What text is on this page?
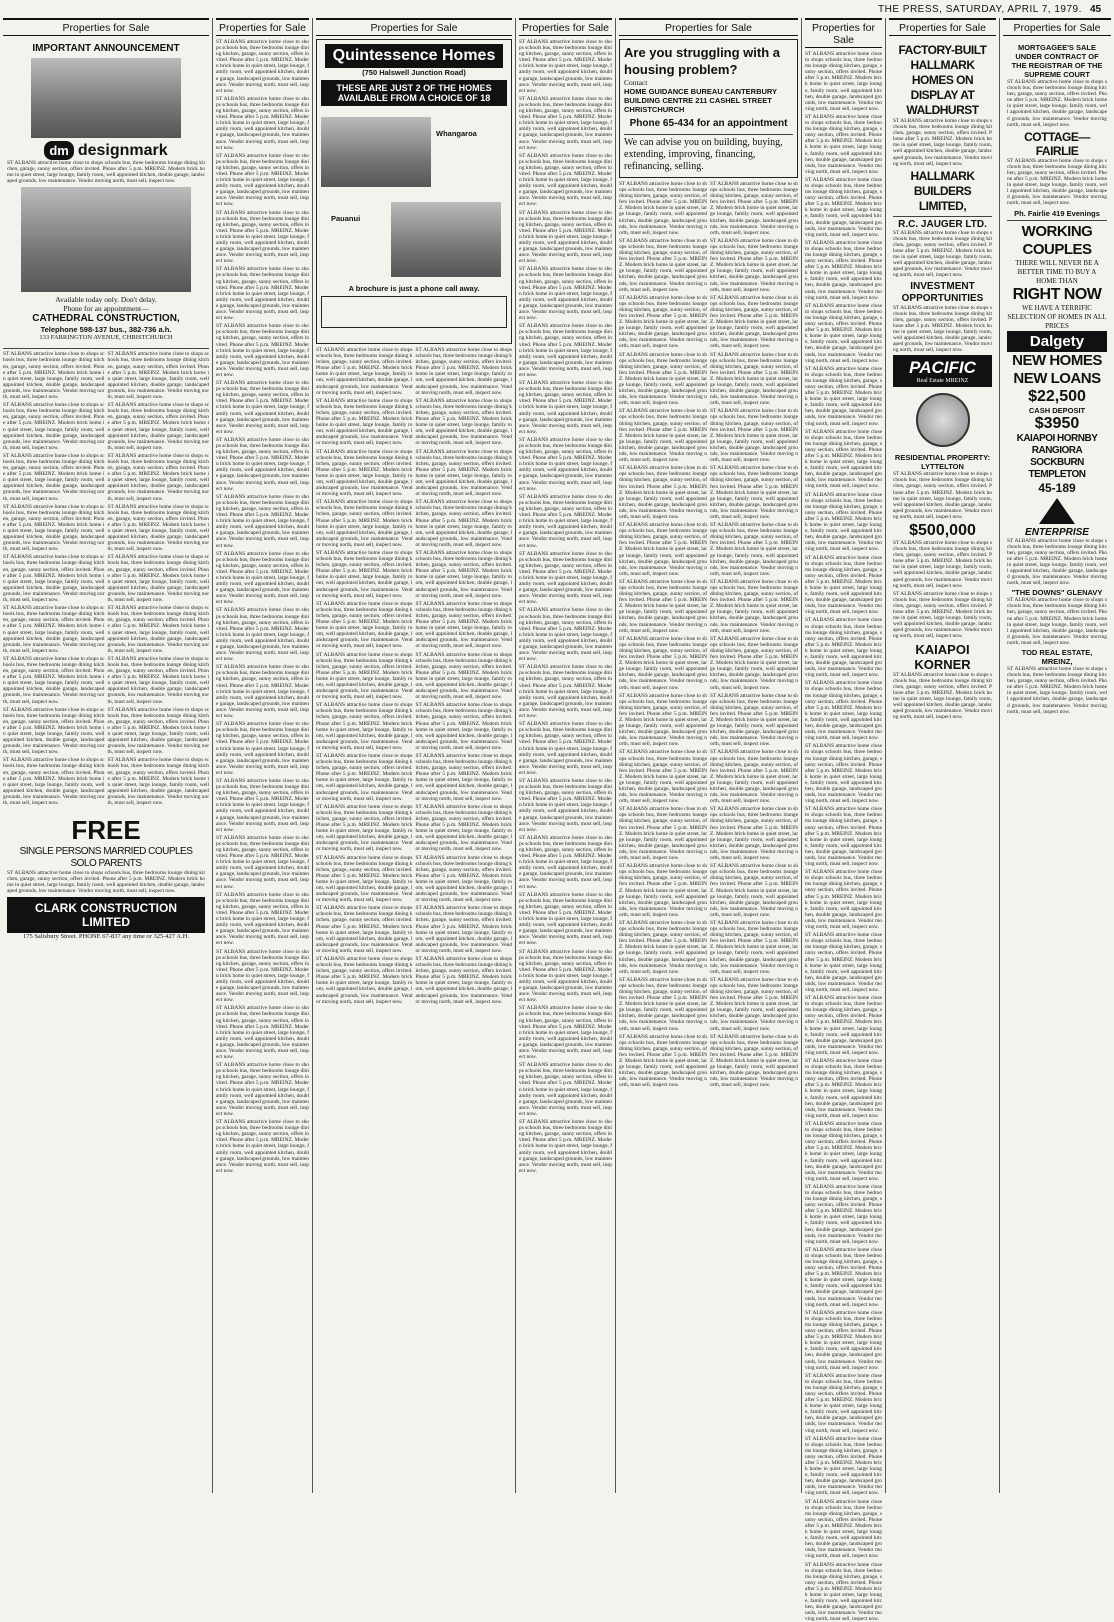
THE PRESS, SATURDAY, APRIL 7, 1979. 45
Properties for Sale
IMPORTANT ANNOUNCEMENT
dm designmark

ST ALBANS attractive home close to shops schools bus, three bedrooms lounge dining kitchen, garage, sunny section, offers invited. Phone after 5 p.m. MREINZ. Modern brick home in quiet street, large lounge, family room, well appointed kitchen, double garage, landscaped grounds, low maintenance. Vendor moving north, must sell, inspect now.

Available today only. Don't delay.
Phone for an appointment—
CATHEDRAL CONSTRUCTION,
Telephone 598-137 bus., 382-736 a.h.
133 FARRINGTON AVENUE, CHRISTCHURCH

ST ALBANS attractive home close to shops schools bus, three bedrooms lounge dining kitchen, garage, sunny section, offers invited. Phone after 5 p.m. MREINZ. Modern brick home in quiet street, large lounge, family room, well appointed kitchen, double garage, landscaped grounds, low maintenance. Vendor moving north, must sell, inspect now.

ST ALBANS attractive home close to shops schools bus, three bedrooms lounge dining kitchen, garage, sunny section, offers invited. Phone after 5 p.m. MREINZ. Modern brick home in quiet street, large lounge, family room, well appointed kitchen, double garage, landscaped grounds, low maintenance. Vendor moving north, must sell, inspect now.

ST ALBANS attractive home close to shops schools bus, three bedrooms lounge dining kitchen, garage, sunny section, offers invited. Phone after 5 p.m. MREINZ. Modern brick home in quiet street, large lounge, family room, well appointed kitchen, double garage, landscaped grounds, low maintenance. Vendor moving north, must sell, inspect now.

ST ALBANS attractive home close to shops schools bus, three bedrooms lounge dining kitchen, garage, sunny section, offers invited. Phone after 5 p.m. MREINZ. Modern brick home in quiet street, large lounge, family room, well appointed kitchen, double garage, landscaped grounds, low maintenance. Vendor moving north, must sell, inspect now.

ST ALBANS attractive home close to shops schools bus, three bedrooms lounge dining kitchen, garage, sunny section, offers invited. Phone after 5 p.m. MREINZ. Modern brick home in quiet street, large lounge, family room, well appointed kitchen, double garage, landscaped grounds, low maintenance. Vendor moving north, must sell, inspect now.

ST ALBANS attractive home close to shops schools bus, three bedrooms lounge dining kitchen, garage, sunny section, offers invited. Phone after 5 p.m. MREINZ. Modern brick home in quiet street, large lounge, family room, well appointed kitchen, double garage, landscaped grounds, low maintenance. Vendor moving north, must sell, inspect now.

ST ALBANS attractive home close to shops schools bus, three bedrooms lounge dining kitchen, garage, sunny section, offers invited. Phone after 5 p.m. MREINZ. Modern brick home in quiet street, large lounge, family room, well appointed kitchen, double garage, landscaped grounds, low maintenance. Vendor moving north, must sell, inspect now.

ST ALBANS attractive home close to shops schools bus, three bedrooms lounge dining kitchen, garage, sunny section, offers invited. Phone after 5 p.m. MREINZ. Modern brick home in quiet street, large lounge, family room, well appointed kitchen, double garage, landscaped grounds, low maintenance. Vendor moving north, must sell, inspect now.

ST ALBANS attractive home close to shops schools bus, three bedrooms lounge dining kitchen, garage, sunny section, offers invited. Phone after 5 p.m. MREINZ. Modern brick home in quiet street, large lounge, family room, well appointed kitchen, double garage, landscaped grounds, low maintenance. Vendor moving north, must sell, inspect now.

ST ALBANS attractive home close to shops schools bus, three bedrooms lounge dining kitchen, garage, sunny section, offers invited. Phone after 5 p.m. MREINZ. Modern brick home in quiet street, large lounge, family room, well appointed kitchen, double garage, landscaped grounds, low maintenance. Vendor moving north, must sell, inspect now.

ST ALBANS attractive home close to shops schools bus, three bedrooms lounge dining kitchen, garage, sunny section, offers invited. Phone after 5 p.m. MREINZ. Modern brick home in quiet street, large lounge, family room, well appointed kitchen, double garage, landscaped grounds, low maintenance. Vendor moving north, must sell, inspect now.

ST ALBANS attractive home close to shops schools bus, three bedrooms lounge dining kitchen, garage, sunny section, offers invited. Phone after 5 p.m. MREINZ. Modern brick home in quiet street, large lounge, family room, well appointed kitchen, double garage, landscaped grounds, low maintenance. Vendor moving north, must sell, inspect now.

ST ALBANS attractive home close to shops schools bus, three bedrooms lounge dining kitchen, garage, sunny section, offers invited. Phone after 5 p.m. MREINZ. Modern brick home in quiet street, large lounge, family room, well appointed kitchen, double garage, landscaped grounds, low maintenance. Vendor moving north, must sell, inspect now.

ST ALBANS attractive home close to shops schools bus, three bedrooms lounge dining kitchen, garage, sunny section, offers invited. Phone after 5 p.m. MREINZ. Modern brick home in quiet street, large lounge, family room, well appointed kitchen, double garage, landscaped grounds, low maintenance. Vendor moving north, must sell, inspect now.

ST ALBANS attractive home close to shops schools bus, three bedrooms lounge dining kitchen, garage, sunny section, offers invited. Phone after 5 p.m. MREINZ. Modern brick home in quiet street, large lounge, family room, well appointed kitchen, double garage, landscaped grounds, low maintenance. Vendor moving north, must sell, inspect now.

ST ALBANS attractive home close to shops schools bus, three bedrooms lounge dining kitchen, garage, sunny section, offers invited. Phone after 5 p.m. MREINZ. Modern brick home in quiet street, large lounge, family room, well appointed kitchen, double garage, landscaped grounds, low maintenance. Vendor moving north, must sell, inspect now.

ST ALBANS attractive home close to shops schools bus, three bedrooms lounge dining kitchen, garage, sunny section, offers invited. Phone after 5 p.m. MREINZ. Modern brick home in quiet street, large lounge, family room, well appointed kitchen, double garage, landscaped grounds, low maintenance. Vendor moving north, must sell, inspect now.

ST ALBANS attractive home close to shops schools bus, three bedrooms lounge dining kitchen, garage, sunny section, offers invited. Phone after 5 p.m. MREINZ. Modern brick home in quiet street, large lounge, family room, well appointed kitchen, double garage, landscaped grounds, low maintenance. Vendor moving north, must sell, inspect now.

FREE
SINGLE PERSONS MARRIED COUPLES SOLO PARENTS

ST ALBANS attractive home close to shops schools bus, three bedrooms lounge dining kitchen, garage, sunny section, offers invited. Phone after 5 p.m. MREINZ. Modern brick home in quiet street, large lounge, family room, well appointed kitchen, double garage, landscaped grounds, low maintenance. Vendor moving north, must sell, inspect now.

CLARK CONSTRUCTION LIMITED
175 Salisbury Street. PHONE 67-837 any time or 325-427 A.H.
Properties for Sale

ST ALBANS attractive home close to shops schools bus, three bedrooms lounge dining kitchen, garage, sunny section, offers invited. Phone after 5 p.m. MREINZ. Modern brick home in quiet street, large lounge, family room, well appointed kitchen, double garage, landscaped grounds, low maintenance. Vendor moving north, must sell, inspect now.

ST ALBANS attractive home close to shops schools bus, three bedrooms lounge dining kitchen, garage, sunny section, offers invited. Phone after 5 p.m. MREINZ. Modern brick home in quiet street, large lounge, family room, well appointed kitchen, double garage, landscaped grounds, low maintenance. Vendor moving north, must sell, inspect now.

ST ALBANS attractive home close to shops schools bus, three bedrooms lounge dining kitchen, garage, sunny section, offers invited. Phone after 5 p.m. MREINZ. Modern brick home in quiet street, large lounge, family room, well appointed kitchen, double garage, landscaped grounds, low maintenance. Vendor moving north, must sell, inspect now.

ST ALBANS attractive home close to shops schools bus, three bedrooms lounge dining kitchen, garage, sunny section, offers invited. Phone after 5 p.m. MREINZ. Modern brick home in quiet street, large lounge, family room, well appointed kitchen, double garage, landscaped grounds, low maintenance. Vendor moving north, must sell, inspect now.

ST ALBANS attractive home close to shops schools bus, three bedrooms lounge dining kitchen, garage, sunny section, offers invited. Phone after 5 p.m. MREINZ. Modern brick home in quiet street, large lounge, family room, well appointed kitchen, double garage, landscaped grounds, low maintenance. Vendor moving north, must sell, inspect now.

ST ALBANS attractive home close to shops schools bus, three bedrooms lounge dining kitchen, garage, sunny section, offers invited. Phone after 5 p.m. MREINZ. Modern brick home in quiet street, large lounge, family room, well appointed kitchen, double garage, landscaped grounds, low maintenance. Vendor moving north, must sell, inspect now.

ST ALBANS attractive home close to shops schools bus, three bedrooms lounge dining kitchen, garage, sunny section, offers invited. Phone after 5 p.m. MREINZ. Modern brick home in quiet street, large lounge, family room, well appointed kitchen, double garage, landscaped grounds, low maintenance. Vendor moving north, must sell, inspect now.

ST ALBANS attractive home close to shops schools bus, three bedrooms lounge dining kitchen, garage, sunny section, offers invited. Phone after 5 p.m. MREINZ. Modern brick home in quiet street, large lounge, family room, well appointed kitchen, double garage, landscaped grounds, low maintenance. Vendor moving north, must sell, inspect now.

ST ALBANS attractive home close to shops schools bus, three bedrooms lounge dining kitchen, garage, sunny section, offers invited. Phone after 5 p.m. MREINZ. Modern brick home in quiet street, large lounge, family room, well appointed kitchen, double garage, landscaped grounds, low maintenance. Vendor moving north, must sell, inspect now.

ST ALBANS attractive home close to shops schools bus, three bedrooms lounge dining kitchen, garage, sunny section, offers invited. Phone after 5 p.m. MREINZ. Modern brick home in quiet street, large lounge, family room, well appointed kitchen, double garage, landscaped grounds, low maintenance. Vendor moving north, must sell, inspect now.

ST ALBANS attractive home close to shops schools bus, three bedrooms lounge dining kitchen, garage, sunny section, offers invited. Phone after 5 p.m. MREINZ. Modern brick home in quiet street, large lounge, family room, well appointed kitchen, double garage, landscaped grounds, low maintenance. Vendor moving north, must sell, inspect now.

ST ALBANS attractive home close to shops schools bus, three bedrooms lounge dining kitchen, garage, sunny section, offers invited. Phone after 5 p.m. MREINZ. Modern brick home in quiet street, large lounge, family room, well appointed kitchen, double garage, landscaped grounds, low maintenance. Vendor moving north, must sell, inspect now.

ST ALBANS attractive home close to shops schools bus, three bedrooms lounge dining kitchen, garage, sunny section, offers invited. Phone after 5 p.m. MREINZ. Modern brick home in quiet street, large lounge, family room, well appointed kitchen, double garage, landscaped grounds, low maintenance. Vendor moving north, must sell, inspect now.

ST ALBANS attractive home close to shops schools bus, three bedrooms lounge dining kitchen, garage, sunny section, offers invited. Phone after 5 p.m. MREINZ. Modern brick home in quiet street, large lounge, family room, well appointed kitchen, double garage, landscaped grounds, low maintenance. Vendor moving north, must sell, inspect now.

ST ALBANS attractive home close to shops schools bus, three bedrooms lounge dining kitchen, garage, sunny section, offers invited. Phone after 5 p.m. MREINZ. Modern brick home in quiet street, large lounge, family room, well appointed kitchen, double garage, landscaped grounds, low maintenance. Vendor moving north, must sell, inspect now.

ST ALBANS attractive home close to shops schools bus, three bedrooms lounge dining kitchen, garage, sunny section, offers invited. Phone after 5 p.m. MREINZ. Modern brick home in quiet street, large lounge, family room, well appointed kitchen, double garage, landscaped grounds, low maintenance. Vendor moving north, must sell, inspect now.

ST ALBANS attractive home close to shops schools bus, three bedrooms lounge dining kitchen, garage, sunny section, offers invited. Phone after 5 p.m. MREINZ. Modern brick home in quiet street, large lounge, family room, well appointed kitchen, double garage, landscaped grounds, low maintenance. Vendor moving north, must sell, inspect now.

ST ALBANS attractive home close to shops schools bus, three bedrooms lounge dining kitchen, garage, sunny section, offers invited. Phone after 5 p.m. MREINZ. Modern brick home in quiet street, large lounge, family room, well appointed kitchen, double garage, landscaped grounds, low maintenance. Vendor moving north, must sell, inspect now.

ST ALBANS attractive home close to shops schools bus, three bedrooms lounge dining kitchen, garage, sunny section, offers invited. Phone after 5 p.m. MREINZ. Modern brick home in quiet street, large lounge, family room, well appointed kitchen, double garage, landscaped grounds, low maintenance. Vendor moving north, must sell, inspect now.

ST ALBANS attractive home close to shops schools bus, three bedrooms lounge dining kitchen, garage, sunny section, offers invited. Phone after 5 p.m. MREINZ. Modern brick home in quiet street, large lounge, family room, well appointed kitchen, double garage, landscaped grounds, low maintenance. Vendor moving north, must sell, inspect now.

Properties for Sale
Quintessence Homes
(750 Halswell Junction Road)
THESE ARE JUST 2 OF THE HOMES AVAILABLE FROM A CHOICE OF 18
Whangaroa
Pauanui
A brochure is just a phone call away.

ST ALBANS attractive home close to shops schools bus, three bedrooms lounge dining kitchen, garage, sunny section, offers invited. Phone after 5 p.m. MREINZ. Modern brick home in quiet street, large lounge, family room, well appointed kitchen, double garage, landscaped grounds, low maintenance. Vendor moving north, must sell, inspect now.

ST ALBANS attractive home close to shops schools bus, three bedrooms lounge dining kitchen, garage, sunny section, offers invited. Phone after 5 p.m. MREINZ. Modern brick home in quiet street, large lounge, family room, well appointed kitchen, double garage, landscaped grounds, low maintenance. Vendor moving north, must sell, inspect now.

ST ALBANS attractive home close to shops schools bus, three bedrooms lounge dining kitchen, garage, sunny section, offers invited. Phone after 5 p.m. MREINZ. Modern brick home in quiet street, large lounge, family room, well appointed kitchen, double garage, landscaped grounds, low maintenance. Vendor moving north, must sell, inspect now.

ST ALBANS attractive home close to shops schools bus, three bedrooms lounge dining kitchen, garage, sunny section, offers invited. Phone after 5 p.m. MREINZ. Modern brick home in quiet street, large lounge, family room, well appointed kitchen, double garage, landscaped grounds, low maintenance. Vendor moving north, must sell, inspect now.

ST ALBANS attractive home close to shops schools bus, three bedrooms lounge dining kitchen, garage, sunny section, offers invited. Phone after 5 p.m. MREINZ. Modern brick home in quiet street, large lounge, family room, well appointed kitchen, double garage, landscaped grounds, low maintenance. Vendor moving north, must sell, inspect now.

ST ALBANS attractive home close to shops schools bus, three bedrooms lounge dining kitchen, garage, sunny section, offers invited. Phone after 5 p.m. MREINZ. Modern brick home in quiet street, large lounge, family room, well appointed kitchen, double garage, landscaped grounds, low maintenance. Vendor moving north, must sell, inspect now.

ST ALBANS attractive home close to shops schools bus, three bedrooms lounge dining kitchen, garage, sunny section, offers invited. Phone after 5 p.m. MREINZ. Modern brick home in quiet street, large lounge, family room, well appointed kitchen, double garage, landscaped grounds, low maintenance. Vendor moving north, must sell, inspect now.

ST ALBANS attractive home close to shops schools bus, three bedrooms lounge dining kitchen, garage, sunny section, offers invited. Phone after 5 p.m. MREINZ. Modern brick home in quiet street, large lounge, family room, well appointed kitchen, double garage, landscaped grounds, low maintenance. Vendor moving north, must sell, inspect now.

ST ALBANS attractive home close to shops schools bus, three bedrooms lounge dining kitchen, garage, sunny section, offers invited. Phone after 5 p.m. MREINZ. Modern brick home in quiet street, large lounge, family room, well appointed kitchen, double garage, landscaped grounds, low maintenance. Vendor moving north, must sell, inspect now.

ST ALBANS attractive home close to shops schools bus, three bedrooms lounge dining kitchen, garage, sunny section, offers invited. Phone after 5 p.m. MREINZ. Modern brick home in quiet street, large lounge, family room, well appointed kitchen, double garage, landscaped grounds, low maintenance. Vendor moving north, must sell, inspect now.

ST ALBANS attractive home close to shops schools bus, three bedrooms lounge dining kitchen, garage, sunny section, offers invited. Phone after 5 p.m. MREINZ. Modern brick home in quiet street, large lounge, family room, well appointed kitchen, double garage, landscaped grounds, low maintenance. Vendor moving north, must sell, inspect now.

ST ALBANS attractive home close to shops schools bus, three bedrooms lounge dining kitchen, garage, sunny section, offers invited. Phone after 5 p.m. MREINZ. Modern brick home in quiet street, large lounge, family room, well appointed kitchen, double garage, landscaped grounds, low maintenance. Vendor moving north, must sell, inspect now.

ST ALBANS attractive home close to shops schools bus, three bedrooms lounge dining kitchen, garage, sunny section, offers invited. Phone after 5 p.m. MREINZ. Modern brick home in quiet street, large lounge, family room, well appointed kitchen, double garage, landscaped grounds, low maintenance. Vendor moving north, must sell, inspect now.

ST ALBANS attractive home close to shops schools bus, three bedrooms lounge dining kitchen, garage, sunny section, offers invited. Phone after 5 p.m. MREINZ. Modern brick home in quiet street, large lounge, family room, well appointed kitchen, double garage, landscaped grounds, low maintenance. Vendor moving north, must sell, inspect now.

ST ALBANS attractive home close to shops schools bus, three bedrooms lounge dining kitchen, garage, sunny section, offers invited. Phone after 5 p.m. MREINZ. Modern brick home in quiet street, large lounge, family room, well appointed kitchen, double garage, landscaped grounds, low maintenance. Vendor moving north, must sell, inspect now.

ST ALBANS attractive home close to shops schools bus, three bedrooms lounge dining kitchen, garage, sunny section, offers invited. Phone after 5 p.m. MREINZ. Modern brick home in quiet street, large lounge, family room, well appointed kitchen, double garage, landscaped grounds, low maintenance. Vendor moving north, must sell, inspect now.

ST ALBANS attractive home close to shops schools bus, three bedrooms lounge dining kitchen, garage, sunny section, offers invited. Phone after 5 p.m. MREINZ. Modern brick home in quiet street, large lounge, family room, well appointed kitchen, double garage, landscaped grounds, low maintenance. Vendor moving north, must sell, inspect now.

ST ALBANS attractive home close to shops schools bus, three bedrooms lounge dining kitchen, garage, sunny section, offers invited. Phone after 5 p.m. MREINZ. Modern brick home in quiet street, large lounge, family room, well appointed kitchen, double garage, landscaped grounds, low maintenance. Vendor moving north, must sell, inspect now.

ST ALBANS attractive home close to shops schools bus, three bedrooms lounge dining kitchen, garage, sunny section, offers invited. Phone after 5 p.m. MREINZ. Modern brick home in quiet street, large lounge, family room, well appointed kitchen, double garage, landscaped grounds, low maintenance. Vendor moving north, must sell, inspect now.

ST ALBANS attractive home close to shops schools bus, three bedrooms lounge dining kitchen, garage, sunny section, offers invited. Phone after 5 p.m. MREINZ. Modern brick home in quiet street, large lounge, family room, well appointed kitchen, double garage, landscaped grounds, low maintenance. Vendor moving north, must sell, inspect now.

ST ALBANS attractive home close to shops schools bus, three bedrooms lounge dining kitchen, garage, sunny section, offers invited. Phone after 5 p.m. MREINZ. Modern brick home in quiet street, large lounge, family room, well appointed kitchen, double garage, landscaped grounds, low maintenance. Vendor moving north, must sell, inspect now.

ST ALBANS attractive home close to shops schools bus, three bedrooms lounge dining kitchen, garage, sunny section, offers invited. Phone after 5 p.m. MREINZ. Modern brick home in quiet street, large lounge, family room, well appointed kitchen, double garage, landscaped grounds, low maintenance. Vendor moving north, must sell, inspect now.

ST ALBANS attractive home close to shops schools bus, three bedrooms lounge dining kitchen, garage, sunny section, offers invited. Phone after 5 p.m. MREINZ. Modern brick home in quiet street, large lounge, family room, well appointed kitchen, double garage, landscaped grounds, low maintenance. Vendor moving north, must sell, inspect now.

ST ALBANS attractive home close to shops schools bus, three bedrooms lounge dining kitchen, garage, sunny section, offers invited. Phone after 5 p.m. MREINZ. Modern brick home in quiet street, large lounge, family room, well appointed kitchen, double garage, landscaped grounds, low maintenance. Vendor moving north, must sell, inspect now.

ST ALBANS attractive home close to shops schools bus, three bedrooms lounge dining kitchen, garage, sunny section, offers invited. Phone after 5 p.m. MREINZ. Modern brick home in quiet street, large lounge, family room, well appointed kitchen, double garage, landscaped grounds, low maintenance. Vendor moving north, must sell, inspect now.

ST ALBANS attractive home close to shops schools bus, three bedrooms lounge dining kitchen, garage, sunny section, offers invited. Phone after 5 p.m. MREINZ. Modern brick home in quiet street, large lounge, family room, well appointed kitchen, double garage, landscaped grounds, low maintenance. Vendor moving north, must sell, inspect now.

Properties for Sale

ST ALBANS attractive home close to shops schools bus, three bedrooms lounge dining kitchen, garage, sunny section, offers invited. Phone after 5 p.m. MREINZ. Modern brick home in quiet street, large lounge, family room, well appointed kitchen, double garage, landscaped grounds, low maintenance. Vendor moving north, must sell, inspect now.

ST ALBANS attractive home close to shops schools bus, three bedrooms lounge dining kitchen, garage, sunny section, offers invited. Phone after 5 p.m. MREINZ. Modern brick home in quiet street, large lounge, family room, well appointed kitchen, double garage, landscaped grounds, low maintenance. Vendor moving north, must sell, inspect now.

ST ALBANS attractive home close to shops schools bus, three bedrooms lounge dining kitchen, garage, sunny section, offers invited. Phone after 5 p.m. MREINZ. Modern brick home in quiet street, large lounge, family room, well appointed kitchen, double garage, landscaped grounds, low maintenance. Vendor moving north, must sell, inspect now.

ST ALBANS attractive home close to shops schools bus, three bedrooms lounge dining kitchen, garage, sunny section, offers invited. Phone after 5 p.m. MREINZ. Modern brick home in quiet street, large lounge, family room, well appointed kitchen, double garage, landscaped grounds, low maintenance. Vendor moving north, must sell, inspect now.

ST ALBANS attractive home close to shops schools bus, three bedrooms lounge dining kitchen, garage, sunny section, offers invited. Phone after 5 p.m. MREINZ. Modern brick home in quiet street, large lounge, family room, well appointed kitchen, double garage, landscaped grounds, low maintenance. Vendor moving north, must sell, inspect now.

ST ALBANS attractive home close to shops schools bus, three bedrooms lounge dining kitchen, garage, sunny section, offers invited. Phone after 5 p.m. MREINZ. Modern brick home in quiet street, large lounge, family room, well appointed kitchen, double garage, landscaped grounds, low maintenance. Vendor moving north, must sell, inspect now.

ST ALBANS attractive home close to shops schools bus, three bedrooms lounge dining kitchen, garage, sunny section, offers invited. Phone after 5 p.m. MREINZ. Modern brick home in quiet street, large lounge, family room, well appointed kitchen, double garage, landscaped grounds, low maintenance. Vendor moving north, must sell, inspect now.

ST ALBANS attractive home close to shops schools bus, three bedrooms lounge dining kitchen, garage, sunny section, offers invited. Phone after 5 p.m. MREINZ. Modern brick home in quiet street, large lounge, family room, well appointed kitchen, double garage, landscaped grounds, low maintenance. Vendor moving north, must sell, inspect now.

ST ALBANS attractive home close to shops schools bus, three bedrooms lounge dining kitchen, garage, sunny section, offers invited. Phone after 5 p.m. MREINZ. Modern brick home in quiet street, large lounge, family room, well appointed kitchen, double garage, landscaped grounds, low maintenance. Vendor moving north, must sell, inspect now.

ST ALBANS attractive home close to shops schools bus, three bedrooms lounge dining kitchen, garage, sunny section, offers invited. Phone after 5 p.m. MREINZ. Modern brick home in quiet street, large lounge, family room, well appointed kitchen, double garage, landscaped grounds, low maintenance. Vendor moving north, must sell, inspect now.

ST ALBANS attractive home close to shops schools bus, three bedrooms lounge dining kitchen, garage, sunny section, offers invited. Phone after 5 p.m. MREINZ. Modern brick home in quiet street, large lounge, family room, well appointed kitchen, double garage, landscaped grounds, low maintenance. Vendor moving north, must sell, inspect now.

ST ALBANS attractive home close to shops schools bus, three bedrooms lounge dining kitchen, garage, sunny section, offers invited. Phone after 5 p.m. MREINZ. Modern brick home in quiet street, large lounge, family room, well appointed kitchen, double garage, landscaped grounds, low maintenance. Vendor moving north, must sell, inspect now.

ST ALBANS attractive home close to shops schools bus, three bedrooms lounge dining kitchen, garage, sunny section, offers invited. Phone after 5 p.m. MREINZ. Modern brick home in quiet street, large lounge, family room, well appointed kitchen, double garage, landscaped grounds, low maintenance. Vendor moving north, must sell, inspect now.

ST ALBANS attractive home close to shops schools bus, three bedrooms lounge dining kitchen, garage, sunny section, offers invited. Phone after 5 p.m. MREINZ. Modern brick home in quiet street, large lounge, family room, well appointed kitchen, double garage, landscaped grounds, low maintenance. Vendor moving north, must sell, inspect now.

ST ALBANS attractive home close to shops schools bus, three bedrooms lounge dining kitchen, garage, sunny section, offers invited. Phone after 5 p.m. MREINZ. Modern brick home in quiet street, large lounge, family room, well appointed kitchen, double garage, landscaped grounds, low maintenance. Vendor moving north, must sell, inspect now.

ST ALBANS attractive home close to shops schools bus, three bedrooms lounge dining kitchen, garage, sunny section, offers invited. Phone after 5 p.m. MREINZ. Modern brick home in quiet street, large lounge, family room, well appointed kitchen, double garage, landscaped grounds, low maintenance. Vendor moving north, must sell, inspect now.

ST ALBANS attractive home close to shops schools bus, three bedrooms lounge dining kitchen, garage, sunny section, offers invited. Phone after 5 p.m. MREINZ. Modern brick home in quiet street, large lounge, family room, well appointed kitchen, double garage, landscaped grounds, low maintenance. Vendor moving north, must sell, inspect now.

ST ALBANS attractive home close to shops schools bus, three bedrooms lounge dining kitchen, garage, sunny section, offers invited. Phone after 5 p.m. MREINZ. Modern brick home in quiet street, large lounge, family room, well appointed kitchen, double garage, landscaped grounds, low maintenance. Vendor moving north, must sell, inspect now.

ST ALBANS attractive home close to shops schools bus, three bedrooms lounge dining kitchen, garage, sunny section, offers invited. Phone after 5 p.m. MREINZ. Modern brick home in quiet street, large lounge, family room, well appointed kitchen, double garage, landscaped grounds, low maintenance. Vendor moving north, must sell, inspect now.

ST ALBANS attractive home close to shops schools bus, three bedrooms lounge dining kitchen, garage, sunny section, offers invited. Phone after 5 p.m. MREINZ. Modern brick home in quiet street, large lounge, family room, well appointed kitchen, double garage, landscaped grounds, low maintenance. Vendor moving north, must sell, inspect now.

Properties for Sale
Are you struggling with a housing problem?
Contact
HOME GUIDANCE BUREAU CANTERBURY BUILDING CENTRE 211 CASHEL STREET CHRISTCHURCH
Phone 65-434 for an appointment
We can advise you on building, buying, extending, improving, financing, refinancing, selling.

ST ALBANS attractive home close to shops schools bus, three bedrooms lounge dining kitchen, garage, sunny section, offers invited. Phone after 5 p.m. MREINZ. Modern brick home in quiet street, large lounge, family room, well appointed kitchen, double garage, landscaped grounds, low maintenance. Vendor moving north, must sell, inspect now.

ST ALBANS attractive home close to shops schools bus, three bedrooms lounge dining kitchen, garage, sunny section, offers invited. Phone after 5 p.m. MREINZ. Modern brick home in quiet street, large lounge, family room, well appointed kitchen, double garage, landscaped grounds, low maintenance. Vendor moving north, must sell, inspect now.

ST ALBANS attractive home close to shops schools bus, three bedrooms lounge dining kitchen, garage, sunny section, offers invited. Phone after 5 p.m. MREINZ. Modern brick home in quiet street, large lounge, family room, well appointed kitchen, double garage, landscaped grounds, low maintenance. Vendor moving north, must sell, inspect now.

ST ALBANS attractive home close to shops schools bus, three bedrooms lounge dining kitchen, garage, sunny section, offers invited. Phone after 5 p.m. MREINZ. Modern brick home in quiet street, large lounge, family room, well appointed kitchen, double garage, landscaped grounds, low maintenance. Vendor moving north, must sell, inspect now.

ST ALBANS attractive home close to shops schools bus, three bedrooms lounge dining kitchen, garage, sunny section, offers invited. Phone after 5 p.m. MREINZ. Modern brick home in quiet street, large lounge, family room, well appointed kitchen, double garage, landscaped grounds, low maintenance. Vendor moving north, must sell, inspect now.

ST ALBANS attractive home close to shops schools bus, three bedrooms lounge dining kitchen, garage, sunny section, offers invited. Phone after 5 p.m. MREINZ. Modern brick home in quiet street, large lounge, family room, well appointed kitchen, double garage, landscaped grounds, low maintenance. Vendor moving north, must sell, inspect now.

ST ALBANS attractive home close to shops schools bus, three bedrooms lounge dining kitchen, garage, sunny section, offers invited. Phone after 5 p.m. MREINZ. Modern brick home in quiet street, large lounge, family room, well appointed kitchen, double garage, landscaped grounds, low maintenance. Vendor moving north, must sell, inspect now.

ST ALBANS attractive home close to shops schools bus, three bedrooms lounge dining kitchen, garage, sunny section, offers invited. Phone after 5 p.m. MREINZ. Modern brick home in quiet street, large lounge, family room, well appointed kitchen, double garage, landscaped grounds, low maintenance. Vendor moving north, must sell, inspect now.

ST ALBANS attractive home close to shops schools bus, three bedrooms lounge dining kitchen, garage, sunny section, offers invited. Phone after 5 p.m. MREINZ. Modern brick home in quiet street, large lounge, family room, well appointed kitchen, double garage, landscaped grounds, low maintenance. Vendor moving north, must sell, inspect now.

ST ALBANS attractive home close to shops schools bus, three bedrooms lounge dining kitchen, garage, sunny section, offers invited. Phone after 5 p.m. MREINZ. Modern brick home in quiet street, large lounge, family room, well appointed kitchen, double garage, landscaped grounds, low maintenance. Vendor moving north, must sell, inspect now.

ST ALBANS attractive home close to shops schools bus, three bedrooms lounge dining kitchen, garage, sunny section, offers invited. Phone after 5 p.m. MREINZ. Modern brick home in quiet street, large lounge, family room, well appointed kitchen, double garage, landscaped grounds, low maintenance. Vendor moving north, must sell, inspect now.

ST ALBANS attractive home close to shops schools bus, three bedrooms lounge dining kitchen, garage, sunny section, offers invited. Phone after 5 p.m. MREINZ. Modern brick home in quiet street, large lounge, family room, well appointed kitchen, double garage, landscaped grounds, low maintenance. Vendor moving north, must sell, inspect now.

ST ALBANS attractive home close to shops schools bus, three bedrooms lounge dining kitchen, garage, sunny section, offers invited. Phone after 5 p.m. MREINZ. Modern brick home in quiet street, large lounge, family room, well appointed kitchen, double garage, landscaped grounds, low maintenance. Vendor moving north, must sell, inspect now.

ST ALBANS attractive home close to shops schools bus, three bedrooms lounge dining kitchen, garage, sunny section, offers invited. Phone after 5 p.m. MREINZ. Modern brick home in quiet street, large lounge, family room, well appointed kitchen, double garage, landscaped grounds, low maintenance. Vendor moving north, must sell, inspect now.

ST ALBANS attractive home close to shops schools bus, three bedrooms lounge dining kitchen, garage, sunny section, offers invited. Phone after 5 p.m. MREINZ. Modern brick home in quiet street, large lounge, family room, well appointed kitchen, double garage, landscaped grounds, low maintenance. Vendor moving north, must sell, inspect now.

ST ALBANS attractive home close to shops schools bus, three bedrooms lounge dining kitchen, garage, sunny section, offers invited. Phone after 5 p.m. MREINZ. Modern brick home in quiet street, large lounge, family room, well appointed kitchen, double garage, landscaped grounds, low maintenance. Vendor moving north, must sell, inspect now.

ST ALBANS attractive home close to shops schools bus, three bedrooms lounge dining kitchen, garage, sunny section, offers invited. Phone after 5 p.m. MREINZ. Modern brick home in quiet street, large lounge, family room, well appointed kitchen, double garage, landscaped grounds, low maintenance. Vendor moving north, must sell, inspect now.

ST ALBANS attractive home close to shops schools bus, three bedrooms lounge dining kitchen, garage, sunny section, offers invited. Phone after 5 p.m. MREINZ. Modern brick home in quiet street, large lounge, family room, well appointed kitchen, double garage, landscaped grounds, low maintenance. Vendor moving north, must sell, inspect now.

ST ALBANS attractive home close to shops schools bus, three bedrooms lounge dining kitchen, garage, sunny section, offers invited. Phone after 5 p.m. MREINZ. Modern brick home in quiet street, large lounge, family room, well appointed kitchen, double garage, landscaped grounds, low maintenance. Vendor moving north, must sell, inspect now.

ST ALBANS attractive home close to shops schools bus, three bedrooms lounge dining kitchen, garage, sunny section, offers invited. Phone after 5 p.m. MREINZ. Modern brick home in quiet street, large lounge, family room, well appointed kitchen, double garage, landscaped grounds, low maintenance. Vendor moving north, must sell, inspect now.

ST ALBANS attractive home close to shops schools bus, three bedrooms lounge dining kitchen, garage, sunny section, offers invited. Phone after 5 p.m. MREINZ. Modern brick home in quiet street, large lounge, family room, well appointed kitchen, double garage, landscaped grounds, low maintenance. Vendor moving north, must sell, inspect now.

ST ALBANS attractive home close to shops schools bus, three bedrooms lounge dining kitchen, garage, sunny section, offers invited. Phone after 5 p.m. MREINZ. Modern brick home in quiet street, large lounge, family room, well appointed kitchen, double garage, landscaped grounds, low maintenance. Vendor moving north, must sell, inspect now.

ST ALBANS attractive home close to shops schools bus, three bedrooms lounge dining kitchen, garage, sunny section, offers invited. Phone after 5 p.m. MREINZ. Modern brick home in quiet street, large lounge, family room, well appointed kitchen, double garage, landscaped grounds, low maintenance. Vendor moving north, must sell, inspect now.

ST ALBANS attractive home close to shops schools bus, three bedrooms lounge dining kitchen, garage, sunny section, offers invited. Phone after 5 p.m. MREINZ. Modern brick home in quiet street, large lounge, family room, well appointed kitchen, double garage, landscaped grounds, low maintenance. Vendor moving north, must sell, inspect now.

ST ALBANS attractive home close to shops schools bus, three bedrooms lounge dining kitchen, garage, sunny section, offers invited. Phone after 5 p.m. MREINZ. Modern brick home in quiet street, large lounge, family room, well appointed kitchen, double garage, landscaped grounds, low maintenance. Vendor moving north, must sell, inspect now.

ST ALBANS attractive home close to shops schools bus, three bedrooms lounge dining kitchen, garage, sunny section, offers invited. Phone after 5 p.m. MREINZ. Modern brick home in quiet street, large lounge, family room, well appointed kitchen, double garage, landscaped grounds, low maintenance. Vendor moving north, must sell, inspect now.

ST ALBANS attractive home close to shops schools bus, three bedrooms lounge dining kitchen, garage, sunny section, offers invited. Phone after 5 p.m. MREINZ. Modern brick home in quiet street, large lounge, family room, well appointed kitchen, double garage, landscaped grounds, low maintenance. Vendor moving north, must sell, inspect now.

ST ALBANS attractive home close to shops schools bus, three bedrooms lounge dining kitchen, garage, sunny section, offers invited. Phone after 5 p.m. MREINZ. Modern brick home in quiet street, large lounge, family room, well appointed kitchen, double garage, landscaped grounds, low maintenance. Vendor moving north, must sell, inspect now.

ST ALBANS attractive home close to shops schools bus, three bedrooms lounge dining kitchen, garage, sunny section, offers invited. Phone after 5 p.m. MREINZ. Modern brick home in quiet street, large lounge, family room, well appointed kitchen, double garage, landscaped grounds, low maintenance. Vendor moving north, must sell, inspect now.

ST ALBANS attractive home close to shops schools bus, three bedrooms lounge dining kitchen, garage, sunny section, offers invited. Phone after 5 p.m. MREINZ. Modern brick home in quiet street, large lounge, family room, well appointed kitchen, double garage, landscaped grounds, low maintenance. Vendor moving north, must sell, inspect now.

ST ALBANS attractive home close to shops schools bus, three bedrooms lounge dining kitchen, garage, sunny section, offers invited. Phone after 5 p.m. MREINZ. Modern brick home in quiet street, large lounge, family room, well appointed kitchen, double garage, landscaped grounds, low maintenance. Vendor moving north, must sell, inspect now.

ST ALBANS attractive home close to shops schools bus, three bedrooms lounge dining kitchen, garage, sunny section, offers invited. Phone after 5 p.m. MREINZ. Modern brick home in quiet street, large lounge, family room, well appointed kitchen, double garage, landscaped grounds, low maintenance. Vendor moving north, must sell, inspect now.

Properties for Sale

ST ALBANS attractive home close to shops schools bus, three bedrooms lounge dining kitchen, garage, sunny section, offers invited. Phone after 5 p.m. MREINZ. Modern brick home in quiet street, large lounge, family room, well appointed kitchen, double garage, landscaped grounds, low maintenance. Vendor moving north, must sell, inspect now.

ST ALBANS attractive home close to shops schools bus, three bedrooms lounge dining kitchen, garage, sunny section, offers invited. Phone after 5 p.m. MREINZ. Modern brick home in quiet street, large lounge, family room, well appointed kitchen, double garage, landscaped grounds, low maintenance. Vendor moving north, must sell, inspect now.

ST ALBANS attractive home close to shops schools bus, three bedrooms lounge dining kitchen, garage, sunny section, offers invited. Phone after 5 p.m. MREINZ. Modern brick home in quiet street, large lounge, family room, well appointed kitchen, double garage, landscaped grounds, low maintenance. Vendor moving north, must sell, inspect now.

ST ALBANS attractive home close to shops schools bus, three bedrooms lounge dining kitchen, garage, sunny section, offers invited. Phone after 5 p.m. MREINZ. Modern brick home in quiet street, large lounge, family room, well appointed kitchen, double garage, landscaped grounds, low maintenance. Vendor moving north, must sell, inspect now.

ST ALBANS attractive home close to shops schools bus, three bedrooms lounge dining kitchen, garage, sunny section, offers invited. Phone after 5 p.m. MREINZ. Modern brick home in quiet street, large lounge, family room, well appointed kitchen, double garage, landscaped grounds, low maintenance. Vendor moving north, must sell, inspect now.

ST ALBANS attractive home close to shops schools bus, three bedrooms lounge dining kitchen, garage, sunny section, offers invited. Phone after 5 p.m. MREINZ. Modern brick home in quiet street, large lounge, family room, well appointed kitchen, double garage, landscaped grounds, low maintenance. Vendor moving north, must sell, inspect now.

ST ALBANS attractive home close to shops schools bus, three bedrooms lounge dining kitchen, garage, sunny section, offers invited. Phone after 5 p.m. MREINZ. Modern brick home in quiet street, large lounge, family room, well appointed kitchen, double garage, landscaped grounds, low maintenance. Vendor moving north, must sell, inspect now.

ST ALBANS attractive home close to shops schools bus, three bedrooms lounge dining kitchen, garage, sunny section, offers invited. Phone after 5 p.m. MREINZ. Modern brick home in quiet street, large lounge, family room, well appointed kitchen, double garage, landscaped grounds, low maintenance. Vendor moving north, must sell, inspect now.

ST ALBANS attractive home close to shops schools bus, three bedrooms lounge dining kitchen, garage, sunny section, offers invited. Phone after 5 p.m. MREINZ. Modern brick home in quiet street, large lounge, family room, well appointed kitchen, double garage, landscaped grounds, low maintenance. Vendor moving north, must sell, inspect now.

ST ALBANS attractive home close to shops schools bus, three bedrooms lounge dining kitchen, garage, sunny section, offers invited. Phone after 5 p.m. MREINZ. Modern brick home in quiet street, large lounge, family room, well appointed kitchen, double garage, landscaped grounds, low maintenance. Vendor moving north, must sell, inspect now.

ST ALBANS attractive home close to shops schools bus, three bedrooms lounge dining kitchen, garage, sunny section, offers invited. Phone after 5 p.m. MREINZ. Modern brick home in quiet street, large lounge, family room, well appointed kitchen, double garage, landscaped grounds, low maintenance. Vendor moving north, must sell, inspect now.

ST ALBANS attractive home close to shops schools bus, three bedrooms lounge dining kitchen, garage, sunny section, offers invited. Phone after 5 p.m. MREINZ. Modern brick home in quiet street, large lounge, family room, well appointed kitchen, double garage, landscaped grounds, low maintenance. Vendor moving north, must sell, inspect now.

ST ALBANS attractive home close to shops schools bus, three bedrooms lounge dining kitchen, garage, sunny section, offers invited. Phone after 5 p.m. MREINZ. Modern brick home in quiet street, large lounge, family room, well appointed kitchen, double garage, landscaped grounds, low maintenance. Vendor moving north, must sell, inspect now.

ST ALBANS attractive home close to shops schools bus, three bedrooms lounge dining kitchen, garage, sunny section, offers invited. Phone after 5 p.m. MREINZ. Modern brick home in quiet street, large lounge, family room, well appointed kitchen, double garage, landscaped grounds, low maintenance. Vendor moving north, must sell, inspect now.

ST ALBANS attractive home close to shops schools bus, three bedrooms lounge dining kitchen, garage, sunny section, offers invited. Phone after 5 p.m. MREINZ. Modern brick home in quiet street, large lounge, family room, well appointed kitchen, double garage, landscaped grounds, low maintenance. Vendor moving north, must sell, inspect now.

ST ALBANS attractive home close to shops schools bus, three bedrooms lounge dining kitchen, garage, sunny section, offers invited. Phone after 5 p.m. MREINZ. Modern brick home in quiet street, large lounge, family room, well appointed kitchen, double garage, landscaped grounds, low maintenance. Vendor moving north, must sell, inspect now.

ST ALBANS attractive home close to shops schools bus, three bedrooms lounge dining kitchen, garage, sunny section, offers invited. Phone after 5 p.m. MREINZ. Modern brick home in quiet street, large lounge, family room, well appointed kitchen, double garage, landscaped grounds, low maintenance. Vendor moving north, must sell, inspect now.

ST ALBANS attractive home close to shops schools bus, three bedrooms lounge dining kitchen, garage, sunny section, offers invited. Phone after 5 p.m. MREINZ. Modern brick home in quiet street, large lounge, family room, well appointed kitchen, double garage, landscaped grounds, low maintenance. Vendor moving north, must sell, inspect now.

ST ALBANS attractive home close to shops schools bus, three bedrooms lounge dining kitchen, garage, sunny section, offers invited. Phone after 5 p.m. MREINZ. Modern brick home in quiet street, large lounge, family room, well appointed kitchen, double garage, landscaped grounds, low maintenance. Vendor moving north, must sell, inspect now.

ST ALBANS attractive home close to shops schools bus, three bedrooms lounge dining kitchen, garage, sunny section, offers invited. Phone after 5 p.m. MREINZ. Modern brick home in quiet street, large lounge, family room, well appointed kitchen, double garage, landscaped grounds, low maintenance. Vendor moving north, must sell, inspect now.

ST ALBANS attractive home close to shops schools bus, three bedrooms lounge dining kitchen, garage, sunny section, offers invited. Phone after 5 p.m. MREINZ. Modern brick home in quiet street, large lounge, family room, well appointed kitchen, double garage, landscaped grounds, low maintenance. Vendor moving north, must sell, inspect now.

ST ALBANS attractive home close to shops schools bus, three bedrooms lounge dining kitchen, garage, sunny section, offers invited. Phone after 5 p.m. MREINZ. Modern brick home in quiet street, large lounge, family room, well appointed kitchen, double garage, landscaped grounds, low maintenance. Vendor moving north, must sell, inspect now.

ST ALBANS attractive home close to shops schools bus, three bedrooms lounge dining kitchen, garage, sunny section, offers invited. Phone after 5 p.m. MREINZ. Modern brick home in quiet street, large lounge, family room, well appointed kitchen, double garage, landscaped grounds, low maintenance. Vendor moving north, must sell, inspect now.

ST ALBANS attractive home close to shops schools bus, three bedrooms lounge dining kitchen, garage, sunny section, offers invited. Phone after 5 p.m. MREINZ. Modern brick home in quiet street, large lounge, family room, well appointed kitchen, double garage, landscaped grounds, low maintenance. Vendor moving north, must sell, inspect now.

ST ALBANS attractive home close to shops schools bus, three bedrooms lounge dining kitchen, garage, sunny section, offers invited. Phone after 5 p.m. MREINZ. Modern brick home in quiet street, large lounge, family room, well appointed kitchen, double garage, landscaped grounds, low maintenance. Vendor moving north, must sell, inspect now.

Properties for Sale
FACTORY-BUILT HALLMARK HOMES ON DISPLAY AT WALDHURST

ST ALBANS attractive home close to shops schools bus, three bedrooms lounge dining kitchen, garage, sunny section, offers invited. Phone after 5 p.m. MREINZ. Modern brick home in quiet street, large lounge, family room, well appointed kitchen, double garage, landscaped grounds, low maintenance. Vendor moving north, must sell, inspect now.

HALLMARK BUILDERS LIMITED,
R.C. JAUGER LTD.

ST ALBANS attractive home close to shops schools bus, three bedrooms lounge dining kitchen, garage, sunny section, offers invited. Phone after 5 p.m. MREINZ. Modern brick home in quiet street, large lounge, family room, well appointed kitchen, double garage, landscaped grounds, low maintenance. Vendor moving north, must sell, inspect now.

INVESTMENT OPPORTUNITIES

ST ALBANS attractive home close to shops schools bus, three bedrooms lounge dining kitchen, garage, sunny section, offers invited. Phone after 5 p.m. MREINZ. Modern brick home in quiet street, large lounge, family room, well appointed kitchen, double garage, landscaped grounds, low maintenance. Vendor moving north, must sell, inspect now.

PACIFIC
Real Estate MREINZ
RESIDENTIAL PROPERTY: LYTTELTON

ST ALBANS attractive home close to shops schools bus, three bedrooms lounge dining kitchen, garage, sunny section, offers invited. Phone after 5 p.m. MREINZ. Modern brick home in quiet street, large lounge, family room, well appointed kitchen, double garage, landscaped grounds, low maintenance. Vendor moving north, must sell, inspect now.

$500,000

ST ALBANS attractive home close to shops schools bus, three bedrooms lounge dining kitchen, garage, sunny section, offers invited. Phone after 5 p.m. MREINZ. Modern brick home in quiet street, large lounge, family room, well appointed kitchen, double garage, landscaped grounds, low maintenance. Vendor moving north, must sell, inspect now.

ST ALBANS attractive home close to shops schools bus, three bedrooms lounge dining kitchen, garage, sunny section, offers invited. Phone after 5 p.m. MREINZ. Modern brick home in quiet street, large lounge, family room, well appointed kitchen, double garage, landscaped grounds, low maintenance. Vendor moving north, must sell, inspect now.

KAIAPOI KORNER

ST ALBANS attractive home close to shops schools bus, three bedrooms lounge dining kitchen, garage, sunny section, offers invited. Phone after 5 p.m. MREINZ. Modern brick home in quiet street, large lounge, family room, well appointed kitchen, double garage, landscaped grounds, low maintenance. Vendor moving north, must sell, inspect now.

Properties for Sale
MORTGAGEE'S SALE UNDER CONTRACT OF THE REGISTRAR OF THE SUPREME COURT

ST ALBANS attractive home close to shops schools bus, three bedrooms lounge dining kitchen, garage, sunny section, offers invited. Phone after 5 p.m. MREINZ. Modern brick home in quiet street, large lounge, family room, well appointed kitchen, double garage, landscaped grounds, low maintenance. Vendor moving north, must sell, inspect now.

COTTAGE— FAIRLIE

ST ALBANS attractive home close to shops schools bus, three bedrooms lounge dining kitchen, garage, sunny section, offers invited. Phone after 5 p.m. MREINZ. Modern brick home in quiet street, large lounge, family room, well appointed kitchen, double garage, landscaped grounds, low maintenance. Vendor moving north, must sell, inspect now.

Ph. Fairlie 419 Evenings
WORKING COUPLES
THERE WILL NEVER BE A BETTER TIME TO BUY A HOME THAN
RIGHT NOW
WE HAVE A TERRIFIC SELECTION OF HOMES IN ALL PRICES
Dalgety
NEW HOMES NEW LOANS
$22,500
CASH DEPOSIT
$3950
KAIAPOI HORNBY RANGIORA SOCKBURN TEMPLETON
45-189
ENTERPRISE

ST ALBANS attractive home close to shops schools bus, three bedrooms lounge dining kitchen, garage, sunny section, offers invited. Phone after 5 p.m. MREINZ. Modern brick home in quiet street, large lounge, family room, well appointed kitchen, double garage, landscaped grounds, low maintenance. Vendor moving north, must sell, inspect now.

"THE DOWNS" GLENAVY

ST ALBANS attractive home close to shops schools bus, three bedrooms lounge dining kitchen, garage, sunny section, offers invited. Phone after 5 p.m. MREINZ. Modern brick home in quiet street, large lounge, family room, well appointed kitchen, double garage, landscaped grounds, low maintenance. Vendor moving north, must sell, inspect now.

TOD REAL ESTATE, MREINZ,

ST ALBANS attractive home close to shops schools bus, three bedrooms lounge dining kitchen, garage, sunny section, offers invited. Phone after 5 p.m. MREINZ. Modern brick home in quiet street, large lounge, family room, well appointed kitchen, double garage, landscaped grounds, low maintenance. Vendor moving north, must sell, inspect now.
